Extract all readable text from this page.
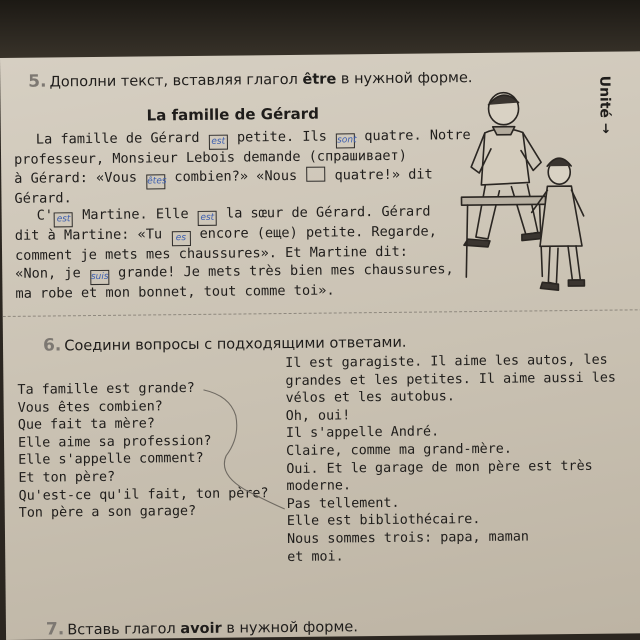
5. Дополни текст, вставляя глагол être в нужной форме.
La famille de Gérard
La famille de Gérard est petite. Ils sont quatre. Notre
professeur, Monsieur Lebois demande (спрашивает)
à Gérard: «Vous êtes combien?» «Nous  quatre!» dit
Gérard.
C' est Martine. Elle est la sœur de Gérard. Gérard
dit à Martine: «Tu es encore (еще) petite. Regarde,
comment je mets mes chaussures». Et Martine dit:
«Non, je suis grande! Je mets très bien mes chaussures,
ma robe et mon bonnet, tout comme toi».
Unité →
6. Соедини вопросы с подходящими ответами.
Ta famille est grande?
Vous êtes combien?
Que fait ta mère?
Elle aime sa profession?
Elle s'appelle comment?
Et ton père?
Qu'est-ce qu'il fait, ton père?
Ton père a son garage?
Il est garagiste. Il aime les autos, les
grandes et les petites. Il aime aussi les
vélos et les autobus.
Oh, oui!
Il s'appelle André.
Claire, comme ma grand-mère.
Oui. Et le garage de mon père est très
moderne.
Pas tellement.
Elle est bibliothécaire.
Nous sommes trois: papa, maman
et moi.
7. Вставь глагол avoir в нужной форме.
